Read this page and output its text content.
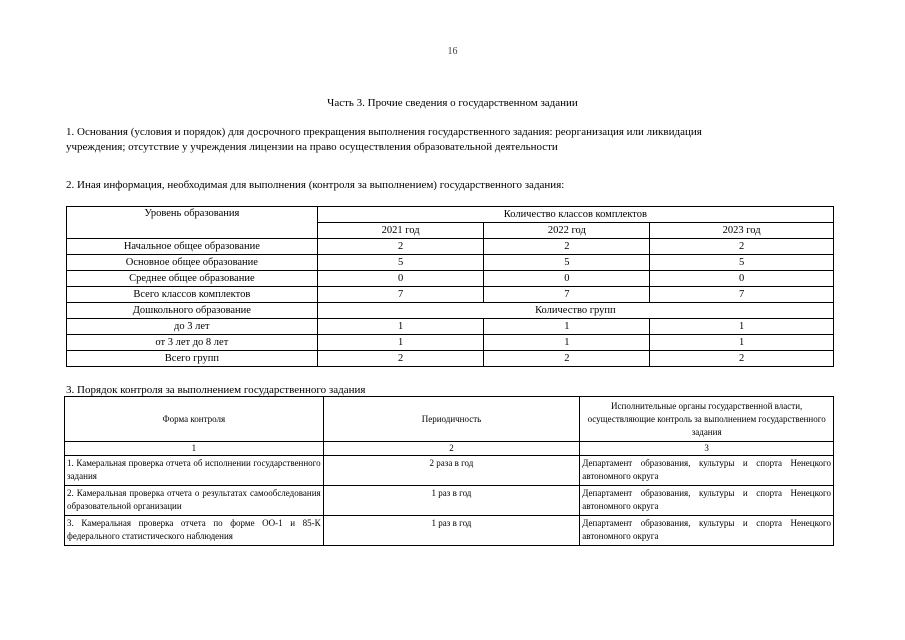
16
Часть 3. Прочие сведения о государственном задании
1. Основания (условия и порядок) для досрочного прекращения выполнения государственного задания: реорганизация или ликвидация
учреждения; отсутствие у учреждения лицензии на право осуществления образовательной деятельности
2. Иная информация, необходимая для выполнения (контроля за выполнением) государственного задания:
Уровень образования	Количество классов комплектов		
	2021 год	2022 год	2023 год
Начальное общее образование	2	2	2
Основное общее образование	5	5	5
Среднее общее образование	0	0	0
Всего классов комплектов	7	7	7
Дошкольного образование	Количество групп		
до 3 лет	1	1	1
от 3 лет до 8 лет	1	1	1
Всего групп	2	2	2
3. Порядок контроля за выполнением государственного задания
Форма контроля	Периодичность	Исполнительные органы государственной власти, осуществляющие контроль за выполнением государственного задания
1	2	3
1. Камеральная проверка отчета об исполнении государственного задания	2 раза в год	Департамент образования, культуры и спорта Ненецкого автономного округа
2. Камеральная проверка отчета о результатах самообследования образовательной организации	1 раз в год	Департамент образования, культуры и спорта Ненецкого автономного округа
3. Камеральная проверка отчета по форме ОО-1 и 85-К федерального статистического наблюдения	1 раз в год	Департамент образования, культуры и спорта Ненецкого автономного округа
